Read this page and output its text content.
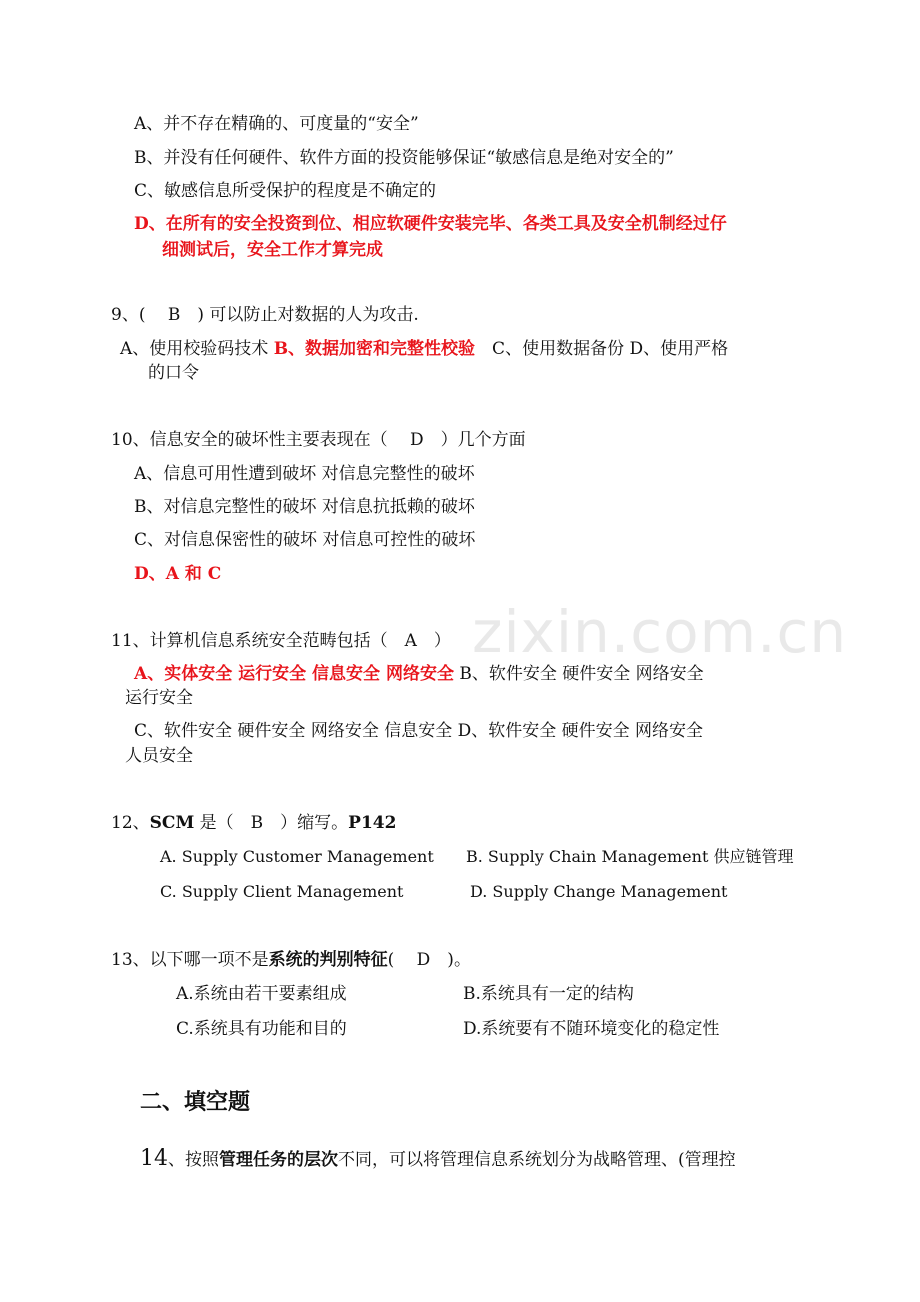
zixin.com.cn
A、并不存在精确的、可度量的“安全”
B、并没有任何硬件、软件方面的投资能够保证“敏感信息是绝对安全的”
C、敏感信息所受保护的程度是不确定的
D、在所有的安全投资到位、相应软硬件安装完毕、各类工具及安全机制经过仔
细测试后，安全工作才算完成
9、(　 B　) 可以防止对数据的人为攻击.
A、使用校验码技术 B、数据加密和完整性校验　C、使用数据备份 D、使用严格
的口令
10、信息安全的破坏性主要表现在（　 D　）几个方面
A、信息可用性遭到破坏 对信息完整性的破坏
B、对信息完整性的破坏 对信息抗抵赖的破坏
C、对信息保密性的破坏 对信息可控性的破坏
D、A 和 C
11、计算机信息系统安全范畴包括（　A　）
A、实体安全 运行安全 信息安全 网络安全 B、软件安全 硬件安全 网络安全
运行安全
C、软件安全 硬件安全 网络安全 信息安全 D、软件安全 硬件安全 网络安全
人员安全
12、SCM 是（　B　）缩写。P142
A. Supply Customer Management B. Supply Chain Management 供应链管理
C. Supply Client Management	D. Supply Change Management
13、以下哪一项不是系统的判别特征(　 D　)。
A.系统由若干要素组成	B.系统具有一定的结构
C.系统具有功能和目的	D.系统要有不随环境变化的稳定性
二、填空题
14、按照管理任务的层次不同，可以将管理信息系统划分为战略管理、(管理控
